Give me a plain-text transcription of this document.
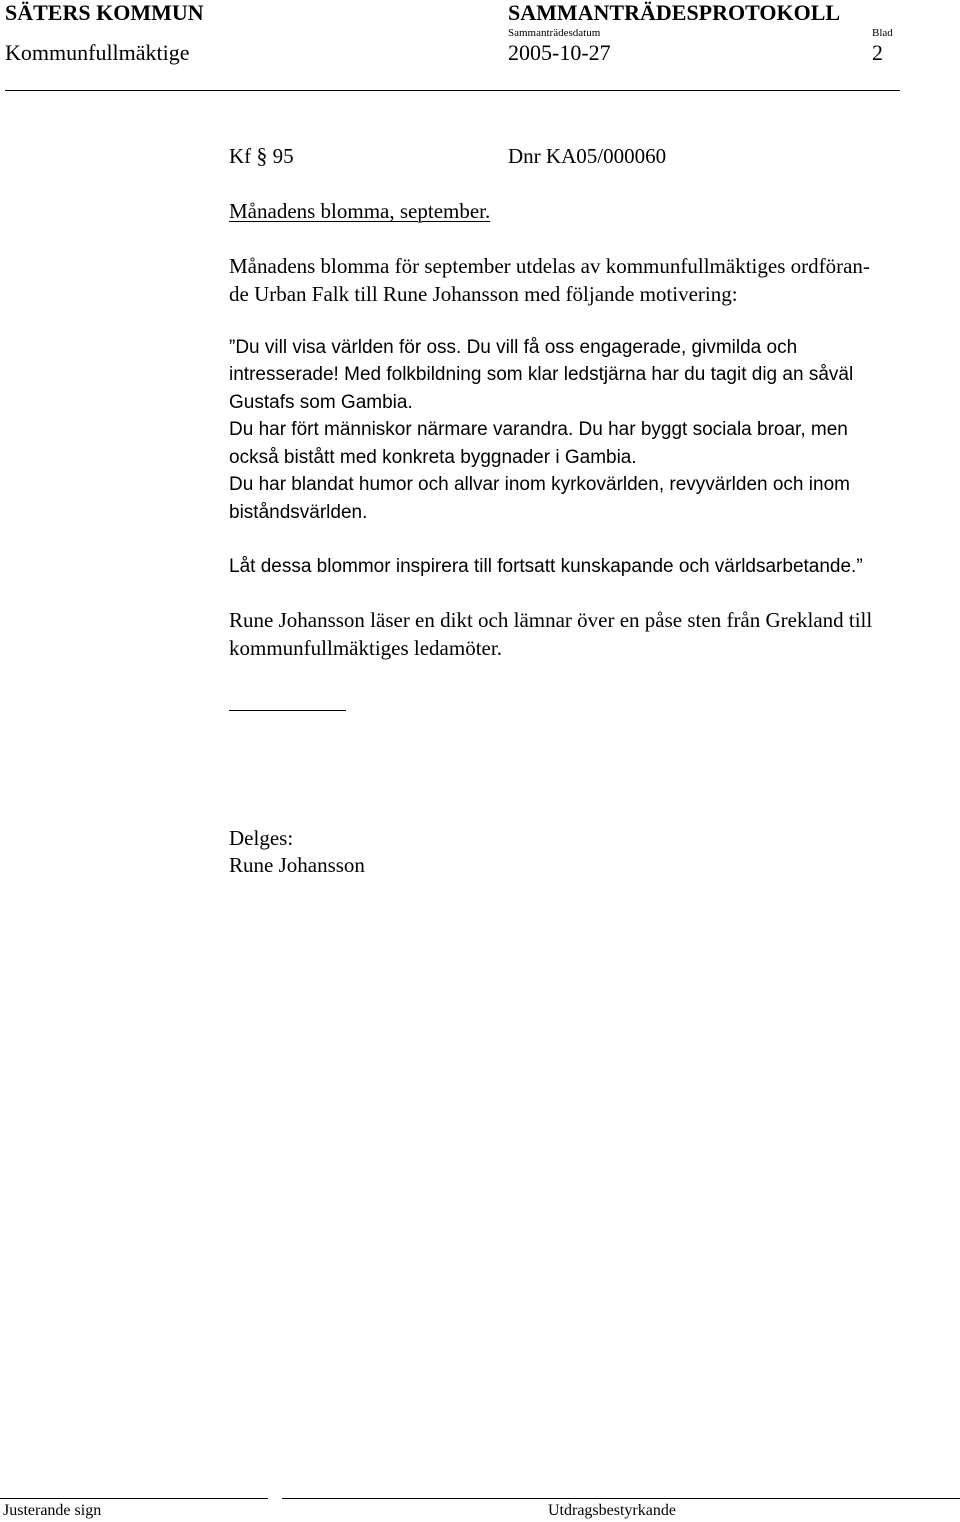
SÄTERS KOMMUN	SAMMANTRÄDESPROTOKOLL
Sammanträdesdatum	Blad
Kommunfullmäktige	2005-10-27	2
Kf § 95	Dnr KA05/000060
Månadens blomma, september.
Månadens blomma för september utdelas av kommunfullmäktiges ordföran-
de Urban Falk till Rune Johansson med följande motivering:
”Du vill visa världen för oss. Du vill få oss engagerade, givmilda och
intresserade! Med folkbildning som klar ledstjärna har du tagit dig an såväl
Gustafs som Gambia.
Du har fört människor närmare varandra. Du har byggt sociala broar, men
också bistått med konkreta byggnader i Gambia.
Du har blandat humor och allvar inom kyrkovärlden, revyvärlden och inom
biståndsvärlden.
Låt dessa blommor inspirera till fortsatt kunskapande och världsarbetande.”
Rune Johansson läser en dikt och lämnar över en påse sten från Grekland till
kommunfullmäktiges ledamöter.
Delges:
Rune Johansson
Justerande sign	Utdragsbestyrkande
